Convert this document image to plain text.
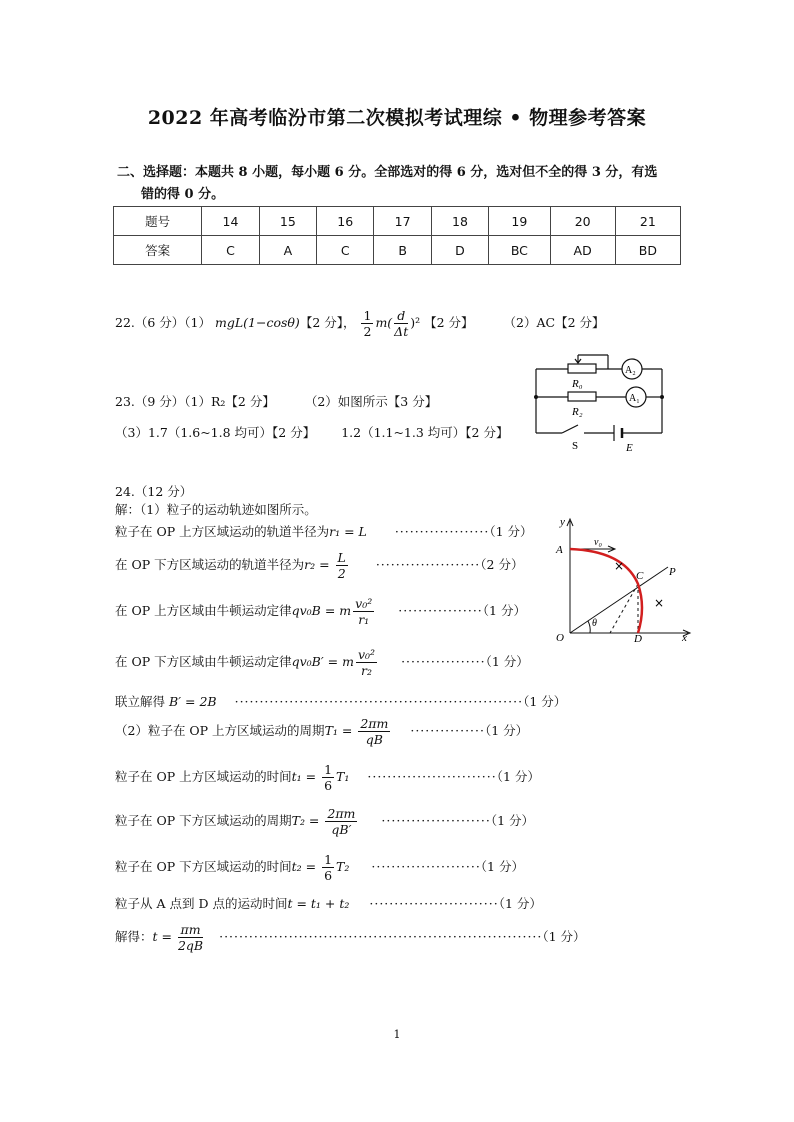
2022 年高考临汾市第二次模拟考试理综 • 物理参考答案
二、选择题：本题共 8 小题，每小题 6 分。全部选对的得 6 分，选对但不全的得 3 分，有选
错的得 0 分。
题号	14	15	16	17	18	19	20	21
答案	C	A	C	B	D	BC	AD	BD
22.（6 分）（1） mgL(1−cosθ)【2 分】， $\frac{1}{2} m( \frac{d}{\Delta t} )^2$ 【2 分】 （2）AC【2 分】
23.（9 分）（1）R₂【2 分】 （2）如图所示【3 分】
（3）1.7（1.6~1.8 均可）【2 分】 1.2（1.1~1.3 均可）【2 分】
R₀
R₂
A₂
A₁
S	E
24.（12 分）
解：（1）粒子的运动轨迹如图所示。
粒子在 OP 上方区域运动的轨道半径为r₁ = L ···················（1 分）
在 OP 下方区域运动的轨道半径为$r_2 = \frac{L}{2} \cdot\cdot\cdot\cdot\cdot\cdot\cdot\cdot\cdot\cdot\cdot\cdot\cdot\cdot\cdot\cdot\cdot\cdot\cdot\cdot\cdot(2$ 分）
在 OP 上方区域由牛顿运动定律qv₀B = m $\frac{\text{v₀²}}{\text{r₁}} \cdot\cdot\cdot\cdot\cdot\cdot\cdot\cdot\cdot\cdot\cdot\cdot\cdot\cdot\cdot\cdot\cdot(1$ 分）
在 OP 下方区域由牛顿运动定律qv₀B′ = m $\frac{\text{v₀²}}{\text{r₂}} \cdot\cdot\cdot\cdot\cdot\cdot\cdot\cdot\cdot\cdot\cdot\cdot\cdot\cdot\cdot\cdot\cdot(1$ 分）
联立解得 B′ = 2B ··························································（1 分）
（2）粒子在 OP 上方区域运动的周期$T_1 = \frac{2\pi m}{qB} \cdot\cdot\cdot\cdot\cdot\cdot\cdot\cdot\cdot\cdot\cdot\cdot\cdot\cdot\cdot(1$ 分）
粒子在 OP 上方区域运动的时间$t_1 = \frac{1}{6} T_1 \cdot\cdot\cdot\cdot\cdot\cdot\cdot\cdot\cdot\cdot\cdot\cdot\cdot\cdot\cdot\cdot\cdot\cdot\cdot\cdot\cdot\cdot\cdot\cdot\cdot\cdot(1$ 分）
粒子在 OP 下方区域运动的周期$T_2 = \frac{2\pi m}{qB'} \cdot\cdot\cdot\cdot\cdot\cdot\cdot\cdot\cdot\cdot\cdot\cdot\cdot\cdot\cdot\cdot\cdot\cdot\cdot\cdot\cdot\cdot(1$ 分）
粒子在 OP 下方区域运动的时间$t_2 = \frac{1}{6} T_2 \cdot\cdot\cdot\cdot\cdot\cdot\cdot\cdot\cdot\cdot\cdot\cdot\cdot\cdot\cdot\cdot\cdot\cdot\cdot\cdot\cdot\cdot(1$ 分）
粒子从 A 点到 D 点的运动时间t = t₁ + t₂ ··························（1 分）
解得：$t = \frac{\pi m}{2qB} \cdot\cdot\cdot\cdot\cdot\cdot\cdot\cdot\cdot\cdot\cdot\cdot\cdot\cdot\cdot\cdot\cdot\cdot\cdot\cdot\cdot\cdot\cdot\cdot\cdot\cdot\cdot\cdot\cdot\cdot\cdot\cdot\cdot\cdot\cdot\cdot\cdot\cdot\cdot\cdot\cdot\cdot\cdot\cdot\cdot\cdot\cdot\cdot\cdot\cdot\cdot\cdot\cdot\cdot\cdot\cdot\cdot\cdot\cdot\cdot\cdot\cdot\cdot\cdot\cdot(1$ 分）
y
x
O
A
v₀
C P
D
θ
×
×
1
